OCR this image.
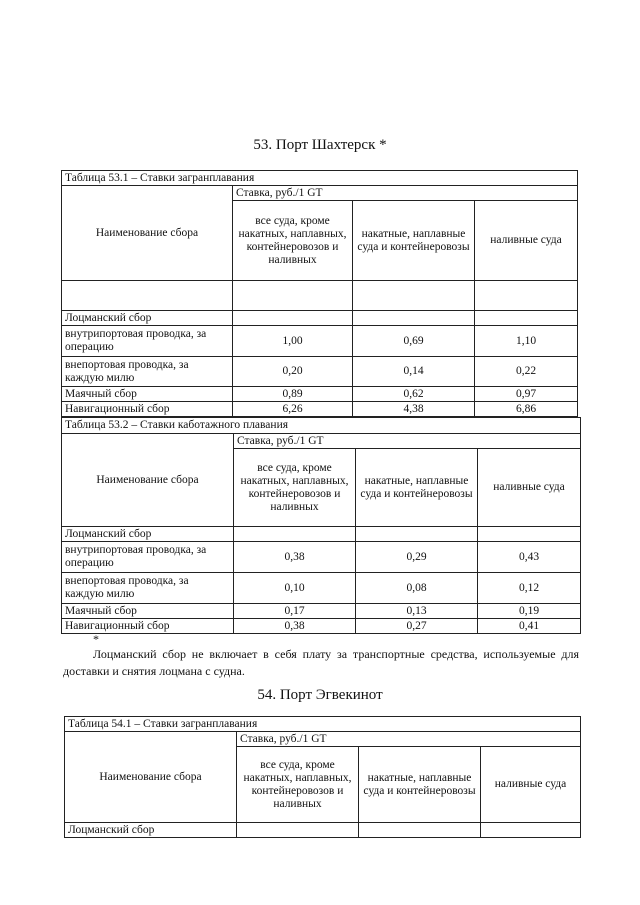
53. Порт Шахтерск *
Таблица 53.1 – Ставки загранплавания			
Наименование сбора	Ставка, руб./1 GT		
	все суда, кроме накатных, наплавных, контейнеровозов и наливных	накатные, наплавные суда и контейнеровозы	наливные суда

Лоцманский сбор			
внутрипортовая проводка, за операцию	1,00	0,69	1,10
внепортовая проводка, за каждую милю	0,20	0,14	0,22
Маячный сбор	0,89	0,62	0,97
Навигационный сбор	6,26	4,38	6,86
Таблица 53.2 – Ставки каботажного плавания			
Наименование сбора	Ставка, руб./1 GT		
	все суда, кроме накатных, наплавных, контейнеровозов и наливных	накатные, наплавные суда и контейнеровозы	наливные суда
Лоцманский сбор			
внутрипортовая проводка, за операцию	0,38	0,29	0,43
внепортовая проводка, за каждую милю	0,10	0,08	0,12
Маячный сбор	0,17	0,13	0,19
Навигационный сбор	0,38	0,27	0,41
*
Лоцманский сбор не включает в себя плату за транспортные средства, используемые для доставки и снятия лоцмана с судна.
54. Порт Эгвекинот
Таблица 54.1 – Ставки загранплавания			
Наименование сбора	Ставка, руб./1 GT		
	все суда, кроме накатных, наплавных, контейнеровозов и наливных	накатные, наплавные суда и контейнеровозы	наливные суда
Лоцманский сбор			
